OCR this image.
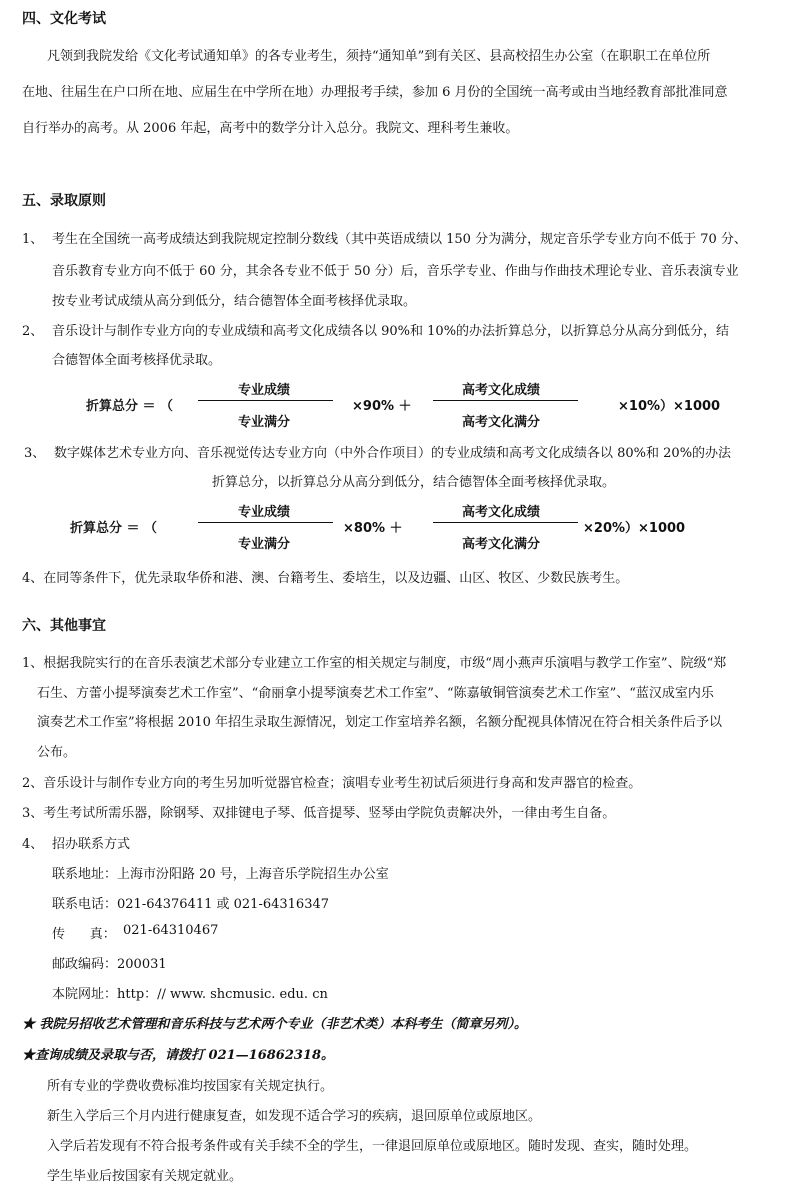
四、文化考试
凡领到我院发给《文化考试通知单》的各专业考生，须持“通知单”到有关区、县高校招生办公室（在职职工在单位所
在地、往届生在户口所在地、应届生在中学所在地）办理报考手续，参加 6 月份的全国统一高考或由当地经教育部批准同意
自行举办的高考。从 2006 年起，高考中的数学分计入总分。我院文、理科考生兼收。
五、录取原则
1、 考生在全国统一高考成绩达到我院规定控制分数线（其中英语成绩以 150 分为满分，规定音乐学专业方向不低于 70 分、
音乐教育专业方向不低于 60 分，其余各专业不低于 50 分）后，音乐学专业、作曲与作曲技术理论专业、音乐表演专业
按专业考试成绩从高分到低分，结合德智体全面考核择优录取。
2、 音乐设计与制作专业方向的专业成绩和高考文化成绩各以 90%和 10%的办法折算总分，以折算总分从高分到低分，结
合德智体全面考核择优录取。
折算总分 ＝ （
专业成绩
专业满分
×90% ＋
高考文化成绩
高考文化满分
×10%）×1000
3、 数字媒体艺术专业方向、音乐视觉传达专业方向（中外合作项目）的专业成绩和高考文化成绩各以 80%和 20%的办法
折算总分，以折算总分从高分到低分，结合德智体全面考核择优录取。
折算总分 ＝ （
专业成绩
专业满分
×80% ＋
高考文化成绩
高考文化满分
×20%）×1000
4、在同等条件下，优先录取华侨和港、澳、台籍考生、委培生，以及边疆、山区、牧区、少数民族考生。
六、其他事宜
1、根据我院实行的在音乐表演艺术部分专业建立工作室的相关规定与制度，市级“周小燕声乐演唱与教学工作室”、院级“郑
石生、方蕾小提琴演奏艺术工作室”、“俞丽拿小提琴演奏艺术工作室”、“陈嘉敏铜管演奏艺术工作室”、“蓝汉成室内乐
演奏艺术工作室”将根据 2010 年招生录取生源情况，划定工作室培养名额，名额分配视具体情况在符合相关条件后予以
公布。
2、音乐设计与制作专业方向的考生另加听觉器官检查；演唱专业考生初试后须进行身高和发声器官的检查。
3、考生考试所需乐器，除钢琴、双排键电子琴、低音提琴、竖琴由学院负责解决外，一律由考生自备。
4、 招办联系方式
联系地址：上海市汾阳路 20 号，上海音乐学院招生办公室
联系电话：021-64376411 或 021-64316347
传      真： 021-64310467
邮政编码：200031
本院网址：http：// www. shcmusic. edu. cn
★ 我院另招收艺术管理和音乐科技与艺术两个专业（非艺术类）本科考生（简章另列）。
★查询成绩及录取与否，请拨打 021—16862318。
所有专业的学费收费标准均按国家有关规定执行。
新生入学后三个月内进行健康复查，如发现不适合学习的疾病，退回原单位或原地区。
入学后若发现有不符合报考条件或有关手续不全的学生，一律退回原单位或原地区。随时发现、查实，随时处理。
学生毕业后按国家有关规定就业。
